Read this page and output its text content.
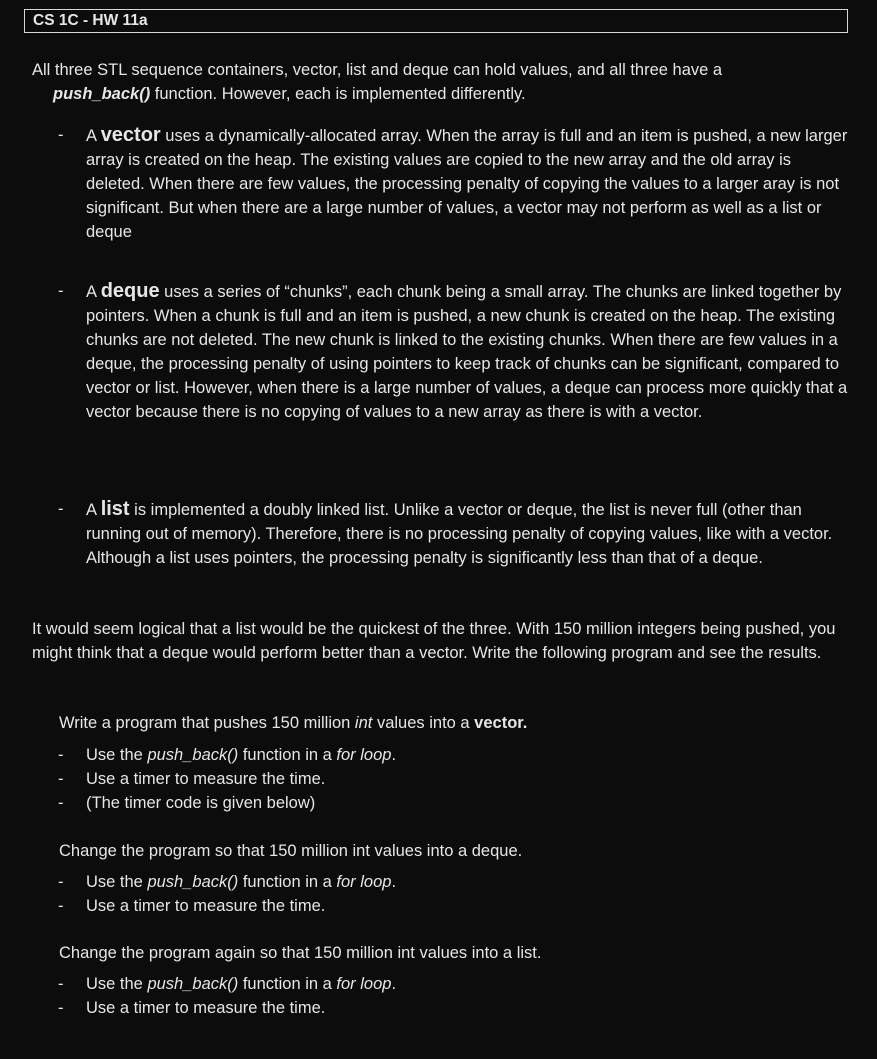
CS 1C - HW 11a
All three STL sequence containers, vector, list and deque can hold values, and all three have a
push_back() function. However, each is implemented differently.
-	A vector uses a dynamically-allocated array. When the array is full and an item is pushed, a new larger array is created on the heap. The existing values are copied to the new array and the old array is deleted. When there are few values, the processing penalty of copying the values to a larger aray is not significant. But when there are a large number of values, a vector may not perform as well as a list or deque
-	A deque uses a series of “chunks”, each chunk being a small array. The chunks are linked together by pointers. When a chunk is full and an item is pushed, a new chunk is created on the heap. The existing chunks are not deleted. The new chunk is linked to the existing chunks. When there are few values in a deque, the processing penalty of using pointers to keep track of chunks can be significant, compared to vector or list. However, when there is a large number of values, a deque can process more quickly that a vector because there is no copying of values to a new array as there is with a vector.
-	A list is implemented a doubly linked list. Unlike a vector or deque, the list is never full (other than running out of memory). Therefore, there is no processing penalty of copying values, like with a vector. Although a list uses pointers, the processing penalty is significantly less than that of a deque.
It would seem logical that a list would be the quickest of the three. With 150 million integers being pushed, you might think that a deque would perform better than a vector. Write the following program and see the results.
Write a program that pushes 150 million int values into a vector.
- Use the push_back() function in a for loop.
- Use a timer to measure the time.
- (The timer code is given below)
Change the program so that 150 million int values into a deque.
- Use the push_back() function in a for loop.
- Use a timer to measure the time.
Change the program again so that 150 million int values into a list.
- Use the push_back() function in a for loop.
- Use a timer to measure the time.
